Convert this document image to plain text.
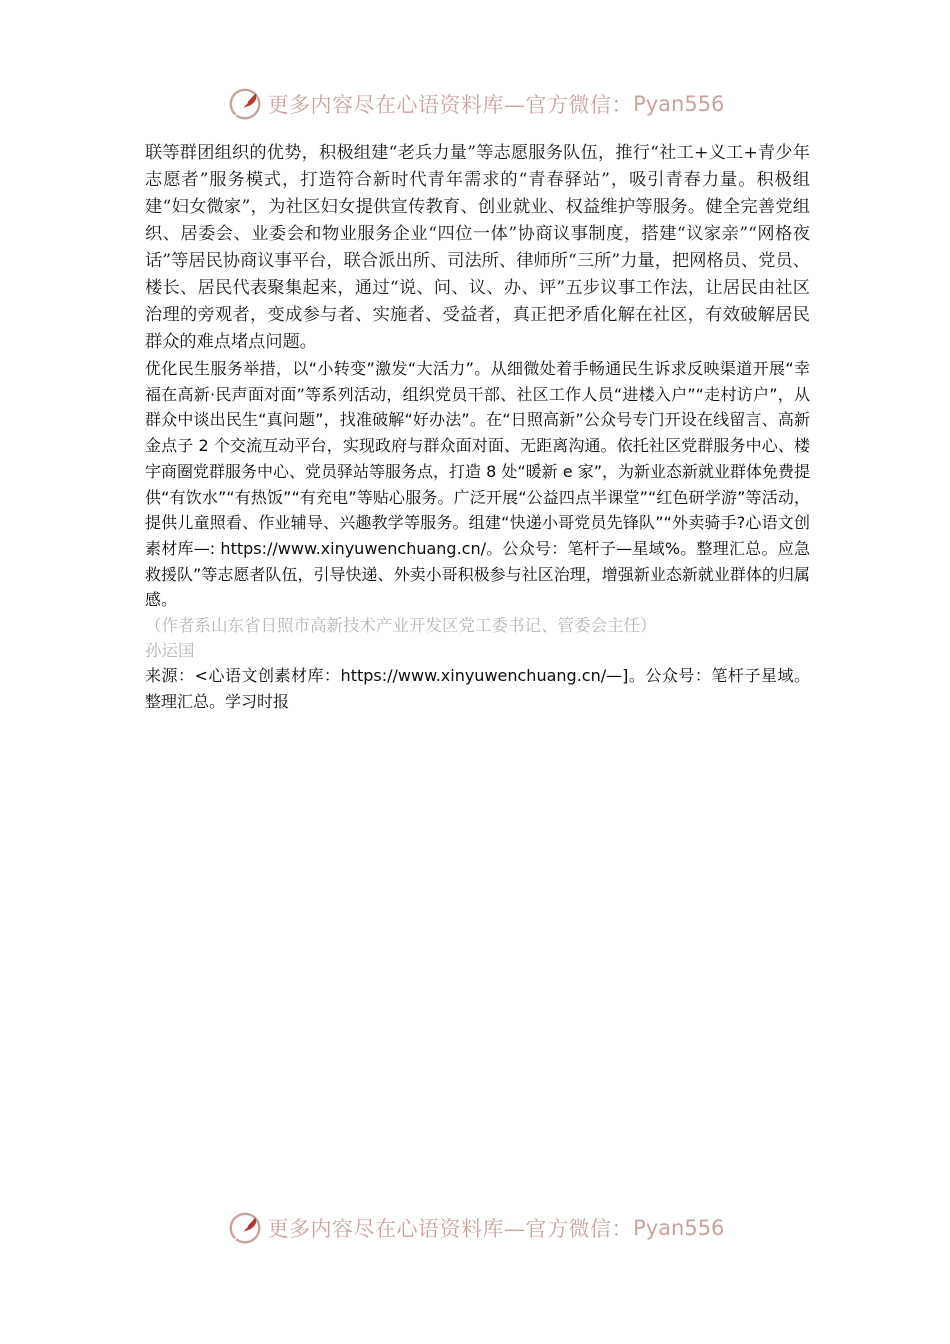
更多内容尽在心语资料库—官方微信： Pyan556

联等群团组织的优势，积极组建“老兵力量”等志愿服务队伍，推行“社工+义工+青少年志愿者”服务模式，打造符合新时代青年需求的“青春驿站”，吸引青春力量。积极组建“妇女微家”，为社区妇女提供宣传教育、创业就业、权益维护等服务。健全完善党组织、居委会、业委会和物业服务企业“四位一体”协商议事制度，搭建“议家亲”“网格夜话”等居民协商议事平台，联合派出所、司法所、律师所“三所”力量，把网格员、党员、楼长、居民代表聚集起来，通过“说、问、议、办、评”五步议事工作法，让居民由社区治理的旁观者，变成参与者、实施者、受益者，真正把矛盾化解在社区，有效破解居民群众的难点堵点问题。

优化民生服务举措，以“小转变”激发“大活力”。从细微处着手畅通民生诉求反映渠道开展“幸福在高新·民声面对面”等系列活动，组织党员干部、社区工作人员“进楼入户”“走村访户”，从群众中谈出民生“真问题”，找准破解“好办法”。在“日照高新”公众号专门开设在线留言、高新金点子 2 个交流互动平台，实现政府与群众面对面、无距离沟通。依托社区党群服务中心、楼宇商圈党群服务中心、党员驿站等服务点，打造 8 处“暖新 e 家”，为新业态新就业群体免费提供“有饮水”“有热饭”“有充电”等贴心服务。广泛开展“公益四点半课堂”“红色研学游”等活动，提供儿童照看、作业辅导、兴趣教学等服务。组建“快递小哥党员先锋队”“外卖骑手?心语文创素材库—: https://www.xinyuwenchuang.cn/。公众号：笔杆子—星域%。整理汇总。应急救援队”等志愿者队伍，引导快递、外卖小哥积极参与社区治理，增强新业态新就业群体的归属感。

（作者系山东省日照市高新技术产业开发区党工委书记、管委会主任）

孙运国

来源：<心语文创素材库：https://www.xinyuwenchuang.cn/—]。公众号：笔杆子星域。整理汇总。学习时报

更多内容尽在心语资料库—官方微信： Pyan556
